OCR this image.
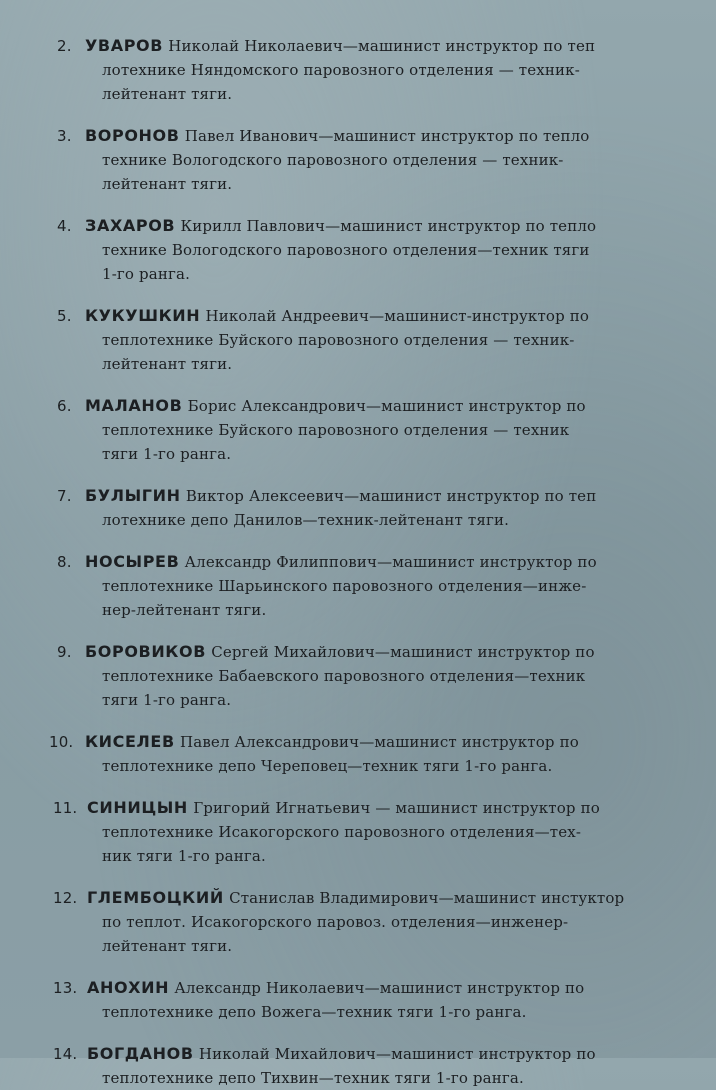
2. УВАРОВ Николай Николаевич—машинист инструктор по теп
лотехнике Няндомского паровозного отделения — техник-
лейтенант тяги.
3. ВОРОНОВ Павел Иванович—машинист инструктор по тепло
технике Вологодского паровозного отделения — техник-
лейтенант тяги.
4. ЗАХАРОВ Кирилл Павлович—машинист инструктор по тепло
технике Вологодского паровозного отделения—техник тяги
1-го ранга.
5. КУКУШКИН Николай Андреевич—машинист-инструктор по
теплотехнике Буйского паровозного отделения — техник-
лейтенант тяги.
6. МАЛАНОВ Борис Александрович—машинист инструктор по
теплотехнике Буйского паровозного отделения — техник
тяги 1-го ранга.
7. БУЛЫГИН Виктор Алексеевич—машинист инструктор по теп
лотехнике депо Данилов—техник-лейтенант тяги.
8. НОСЫРЕВ Александр Филиппович—машинист инструктор по
теплотехнике Шарьинского паровозного отделения—инже-
нер-лейтенант тяги.
9. БОРОВИКОВ Сергей Михайлович—машинист инструктор по
теплотехнике Бабаевского паровозного отделения—техник
тяги 1-го ранга.
10. КИСЕЛЕВ Павел Александрович—машинист инструктор по
теплотехнике депо Череповец—техник тяги 1-го ранга.
11. СИНИЦЫН Григорий Игнатьевич — машинист инструктор по
теплотехнике Исакогорского паровозного отделения—тех-
ник тяги 1-го ранга.
12. ГЛЕМБОЦКИЙ Станислав Владимирович—машинист инстуктор
по теплот. Исакогорского паровоз. отделения—инженер-
лейтенант тяги.
13. АНОХИН Александр Николаевич—машинист инструктор по
теплотехнике депо Вожега—техник тяги 1-го ранга.
14. БОГДАНОВ Николай Михайлович—машинист инструктор по
теплотехнике депо Тихвин—техник тяги 1-го ранга.
